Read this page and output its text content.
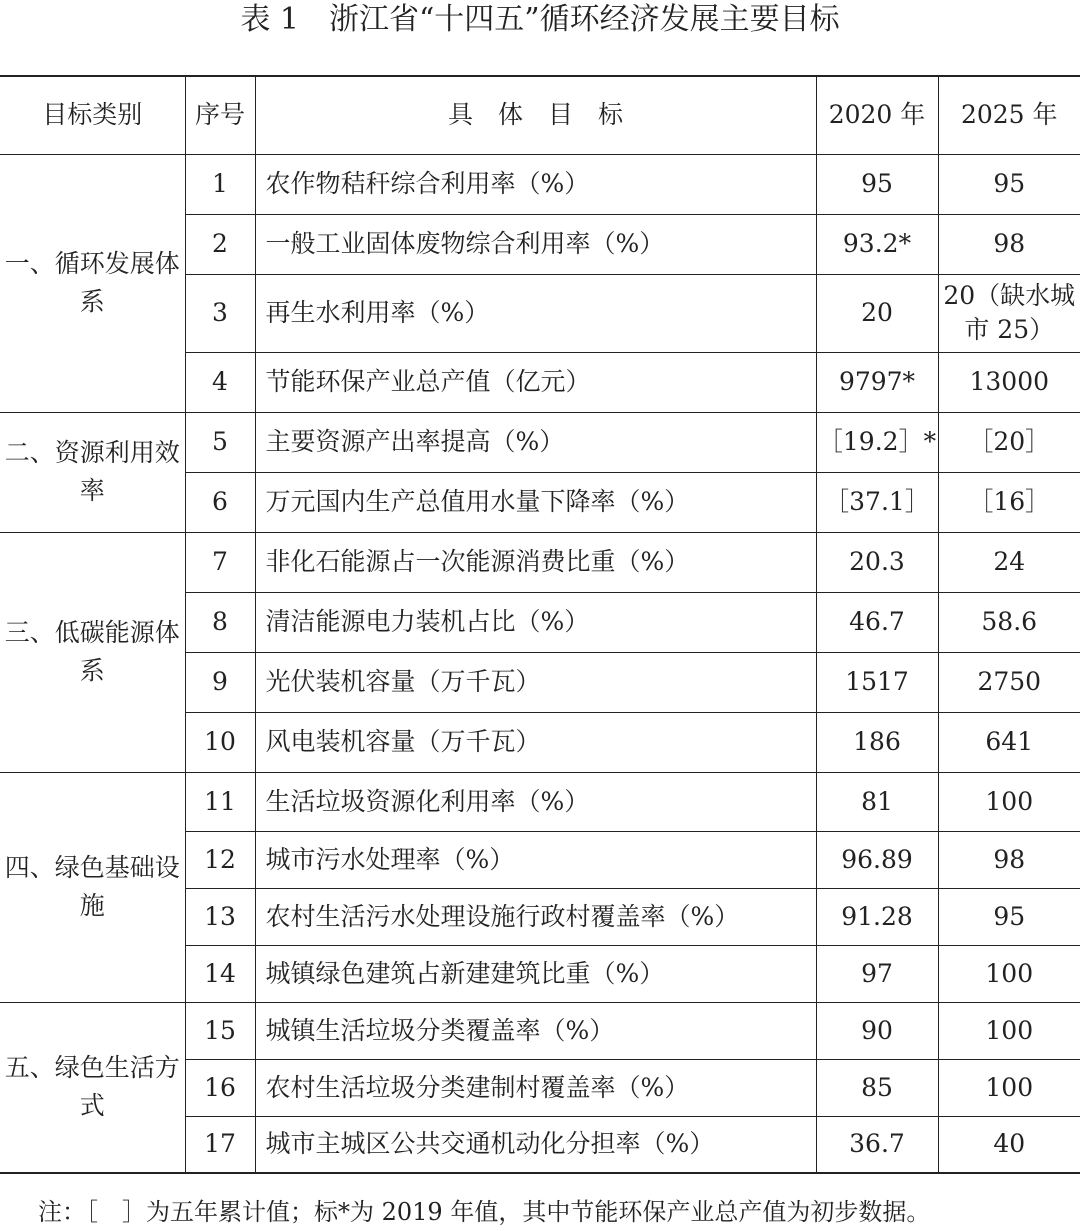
表 1　浙江省“十四五”循环经济发展主要目标
目标类别	序号	具　体　目　标	2020 年	2025 年
一、循环发展体系	1	农作物秸秆综合利用率（%）	95	95
	2	一般工业固体废物综合利用率（%）	93.2*	98
	3	再生水利用率（%）	20	20（缺水城市 25）
	4	节能环保产业总产值（亿元）	9797*	13000
二、资源利用效率	5	主要资源产出率提高（%）	［19.2］*	［20］
	6	万元国内生产总值用水量下降率（%）	［37.1］	［16］
三、低碳能源体系	7	非化石能源占一次能源消费比重（%）	20.3	24
	8	清洁能源电力装机占比（%）	46.7	58.6
	9	光伏装机容量（万千瓦）	1517	2750
	10	风电装机容量（万千瓦）	186	641
四、绿色基础设施	11	生活垃圾资源化利用率（%）	81	100
	12	城市污水处理率（%）	96.89	98
	13	农村生活污水处理设施行政村覆盖率（%）	91.28	95
	14	城镇绿色建筑占新建建筑比重（%）	97	100
五、绿色生活方式	15	城镇生活垃圾分类覆盖率（%）	90	100
	16	农村生活垃圾分类建制村覆盖率（%）	85	100
	17	城市主城区公共交通机动化分担率（%）	36.7	40
注：［　］为五年累计值；标*为 2019 年值，其中节能环保产业总产值为初步数据。
